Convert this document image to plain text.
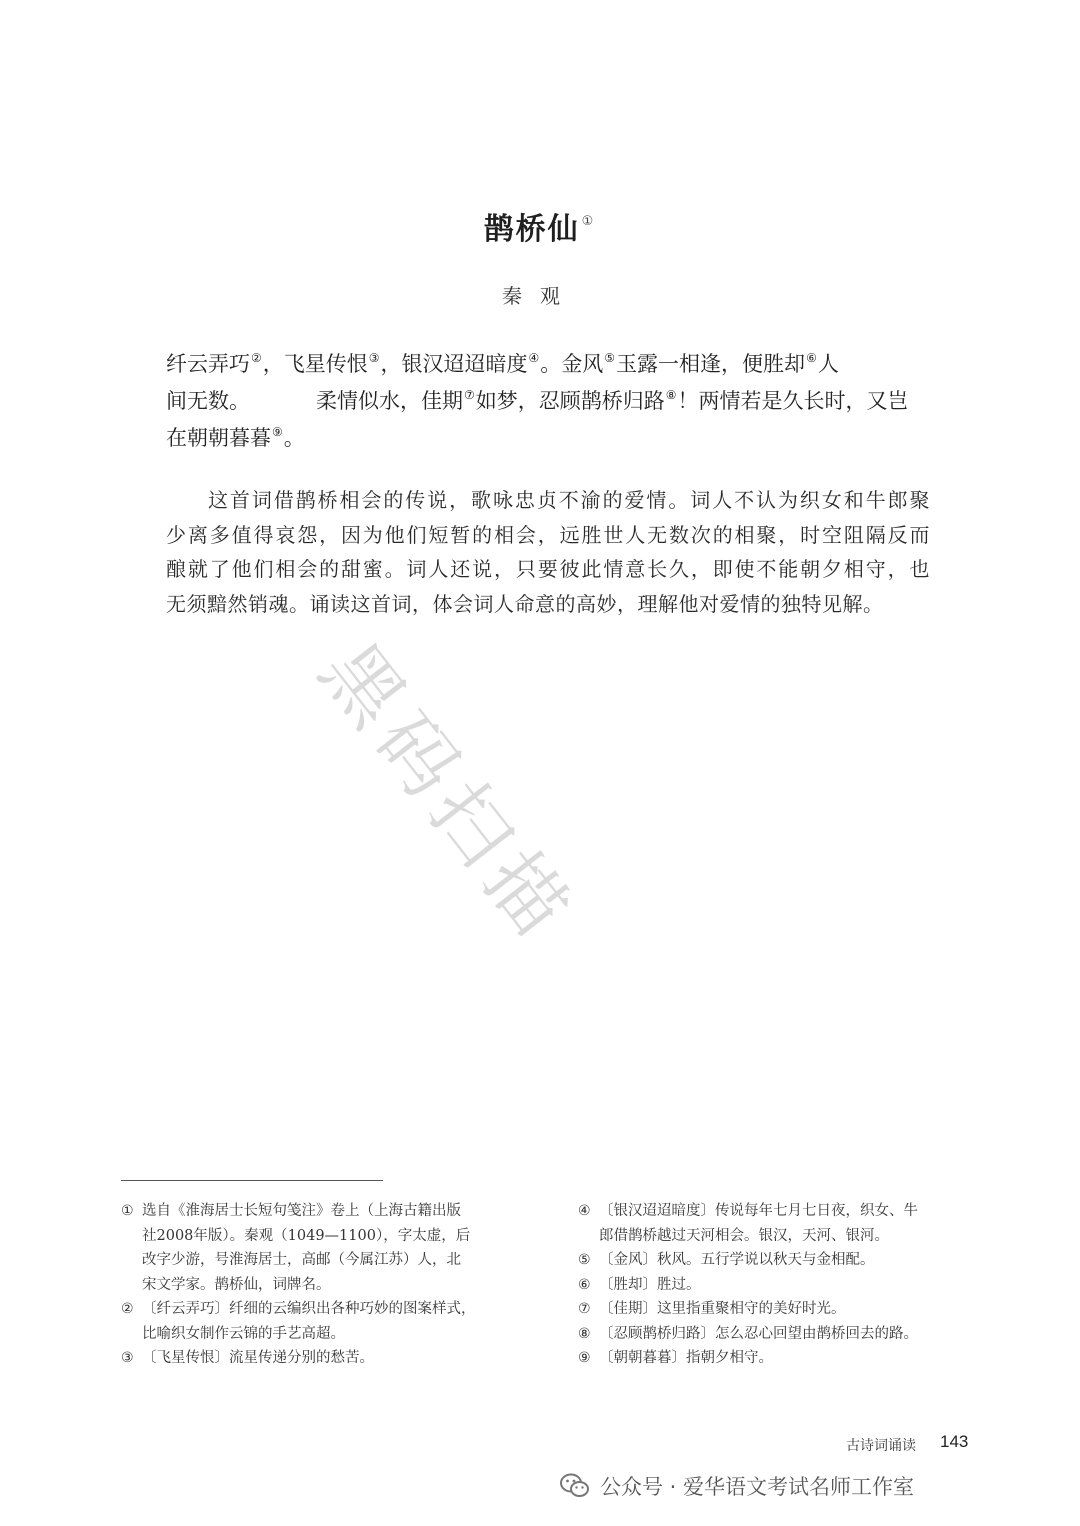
鹊桥仙 ①
秦观
纤云弄巧②，飞星传恨③，银汉迢迢暗度④。金风⑤玉露一相逢，便胜却⑥人
间无数。	柔情似水，佳期⑦如梦，忍顾鹊桥归路⑧！两情若是久长时，又岂
在朝朝暮暮⑨。
这首词借鹊桥相会的传说，歌咏忠贞不渝的爱情。词人不认为织女和牛郎聚
少离多值得哀怨，因为他们短暂的相会，远胜世人无数次的相聚，时空阻隔反而
酿就了他们相会的甜蜜。词人还说，只要彼此情意长久，即使不能朝夕相守，也
无须黯然销魂。诵读这首词，体会词人命意的高妙，理解他对爱情的独特见解。
黑码扫描
① 选自《淮海居士长短句笺注》卷上（上海古籍出版
社2008年版）。秦观（1049—1100），字太虚，后
改字少游，号淮海居士，高邮（今属江苏）人，北
宋文学家。鹊桥仙，词牌名。
② 〔纤云弄巧〕纤细的云编织出各种巧妙的图案样式，
比喻织女制作云锦的手艺高超。
③ 〔飞星传恨〕流星传递分别的愁苦。
④ 〔银汉迢迢暗度〕传说每年七月七日夜，织女、牛
郎借鹊桥越过天河相会。银汉，天河、银河。
⑤ 〔金风〕秋风。五行学说以秋天与金相配。
⑥ 〔胜却〕胜过。
⑦ 〔佳期〕这里指重聚相守的美好时光。
⑧ 〔忍顾鹊桥归路〕怎么忍心回望由鹊桥回去的路。
⑨ 〔朝朝暮暮〕指朝夕相守。
古诗词诵读 143
公众号 · 爱华语文考试名师工作室
